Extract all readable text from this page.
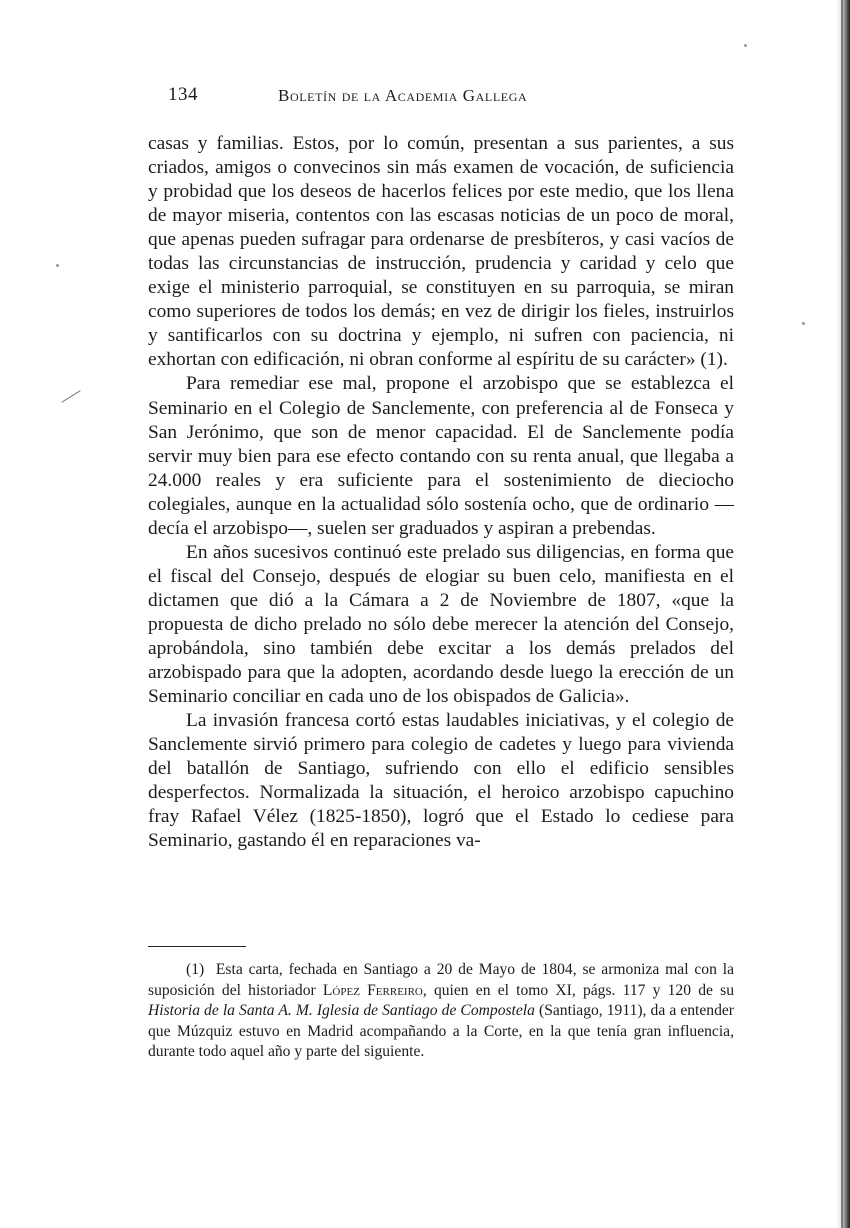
134	Boletín de la Academia Gallega

casas y familias. Estos, por lo común, presentan a sus parientes, a sus criados, amigos o convecinos sin más examen de vocación, de suficiencia y probidad que los deseos de hacerlos felices por este medio, que los llena de mayor miseria, contentos con las escasas noticias de un poco de moral, que apenas pueden sufragar para ordenarse de presbíteros, y casi vacíos de todas las circunstancias de instrucción, prudencia y caridad y celo que exige el ministerio parroquial, se constituyen en su parroquia, se miran como superiores de todos los demás; en vez de dirigir los fieles, instruirlos y santificarlos con su doctrina y ejemplo, ni sufren con paciencia, ni exhortan con edificación, ni obran conforme al espíritu de su carácter» (1).

Para remediar ese mal, propone el arzobispo que se establezca el Seminario en el Colegio de Sanclemente, con preferencia al de Fonseca y San Jerónimo, que son de menor capacidad. El de Sanclemente podía servir muy bien para ese efecto contando con su renta anual, que llegaba a 24.000 reales y era suficiente para el sostenimiento de dieciocho colegiales, aunque en la actualidad sólo sostenía ocho, que de ordinario —decía el arzobispo—, suelen ser graduados y aspiran a prebendas.

En años sucesivos continuó este prelado sus diligencias, en forma que el fiscal del Consejo, después de elogiar su buen celo, manifiesta en el dictamen que dió a la Cámara a 2 de Noviembre de 1807, «que la propuesta de dicho prelado no sólo debe merecer la atención del Consejo, aprobándola, sino también debe excitar a los demás prelados del arzobispado para que la adopten, acordando desde luego la erección de un Seminario conciliar en cada uno de los obispados de Galicia».

La invasión francesa cortó estas laudables iniciativas, y el colegio de Sanclemente sirvió primero para colegio de cadetes y luego para vivienda del batallón de Santiago, sufriendo con ello el edificio sensibles desperfectos. Normalizada la situación, el heroico arzobispo capuchino fray Rafael Vélez (1825-1850), logró que el Estado lo cediese para Seminario, gastando él en reparaciones va-

(1) Esta carta, fechada en Santiago a 20 de Mayo de 1804, se armoniza mal con la suposición del historiador López Ferreiro, quien en el tomo XI, págs. 117 y 120 de su Historia de la Santa A. M. Iglesia de Santiago de Compostela (Santiago, 1911), da a entender que Múzquiz estuvo en Madrid acompañando a la Corte, en la que tenía gran influencia, durante todo aquel año y parte del siguiente.
